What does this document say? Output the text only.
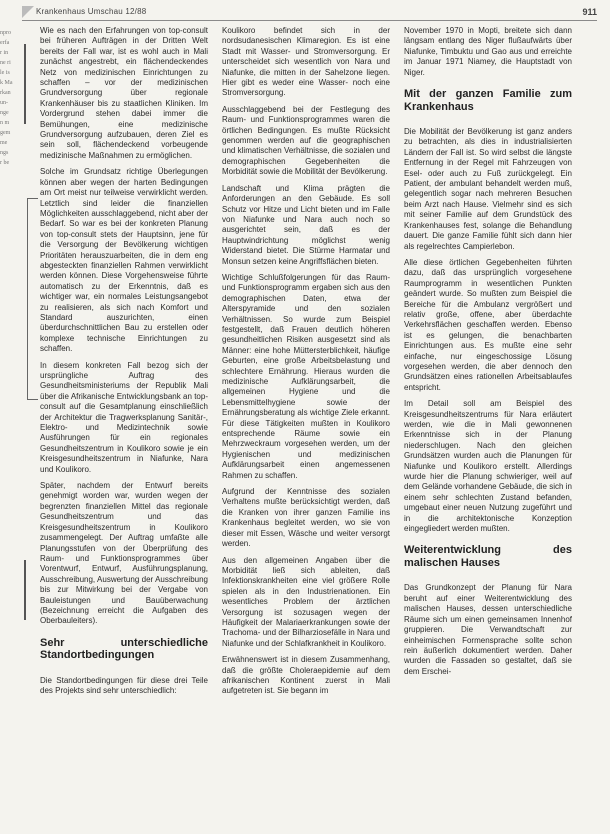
Krankenhaus Umschau 12/88	911
npro
erfa
r in
ne ri
le is
k Ma
rkan
un-
nge
n m
gem
me
ngs
r be

Wie es nach den Erfahrungen von top-consult bei früheren Aufträgen in der Dritten Welt bereits der Fall war, ist es wohl auch in Mali zunächst angestrebt, ein flächendeckendes Netz von medizinischen Einrichtungen zu schaffen – vor der medizinischen Grundversorgung über regionale Krankenhäuser bis zu staatlichen Kliniken. Im Vordergrund stehen dabei immer die Bemühungen, eine medizinische Grundversorgung aufzubauen, deren Ziel es sein soll, flächendeckend vorbeugende medizinische Maßnahmen zu ermöglichen.

Solche im Grundsatz richtige Überlegungen können aber wegen der harten Bedingungen am Ort meist nur teilweise verwirklicht werden. Letztlich sind leider die finanziellen Möglichkeiten ausschlaggebend, nicht aber der Bedarf. So war es bei der konkreten Planung von top-consult stets der Hauptsinn, jene für die Versorgung der Bevölkerung wichtigen Prioritäten herauszuarbeiten, die in dem eng abgesteckten finanziellen Rahmen verwirklicht werden können. Diese Vorgehensweise führte automatisch zu der Erkenntnis, daß es wichtiger war, ein normales Leistungsangebot zu realisieren, als sich nach Komfort und Standard auszurichten, einen überdurchschnittlichen Bau zu erstellen oder komplexe technische Einrichtungen zu schaffen.

In diesem konkreten Fall bezog sich der ursprüngliche Auftrag des Gesundheitsministeriums der Republik Mali über die Afrikanische Entwicklungsbank an top-consult auf die Gesamtplanung einschließlich der Architektur die Tragwerksplanung Sanitär-, Elektro- und Medizintechnik sowie Ausführungen für ein regionales Gesundheitszentrum in Koulikoro sowie je ein Kreisgesundheitszentrum in Niafunke, Nara und Koulikoro.

Später, nachdem der Entwurf bereits genehmigt worden war, wurden wegen der begrenzten finanziellen Mittel das regionale Gesundheitszentrum und das Kreisgesundheitszentrum in Koulikoro zusammengelegt. Der Auftrag umfaßte alle Planungsstufen von der Überprüfung des Raum- und Funktionsprogrammes über Vorentwurf, Entwurf, Ausführungsplanung, Ausschreibung, Auswertung der Ausschreibung bis zur Mitwirkung bei der Vergabe von Bauleistungen und Bauüberwachung (Bezeichnung erreicht die Aufgaben des Oberbauleiters).

Sehr unterschiedliche Standortbedingungen

Die Standortbedingungen für diese drei Teile des Projekts sind sehr unterschiedlich:

Koulikoro befindet sich in der nordsudanesischen Klimaregion. Es ist eine Stadt mit Wasser- und Stromversorgung. Er unterscheidet sich wesentlich von Nara und Niafunke, die mitten in der Sahelzone liegen. Hier gibt es weder eine Wasser- noch eine Stromversorgung.

Ausschlaggebend bei der Festlegung des Raum- und Funktionsprogrammes waren die örtlichen Bedingungen. Es mußte Rücksicht genommen werden auf die geographischen und klimatischen Verhältnisse, die sozialen und demographischen Gegebenheiten die Morbidität sowie die Mobilität der Bevölkerung.

Landschaft und Klima prägten die Anforderungen an den Gebäude. Es soll Schutz vor Hitze und Licht bieten und im Falle von Niafunke und Nara auch noch so ausgerichtet sein, daß es der Hauptwindrichtung möglichst wenig Widerstand bietet. Die Stürme Harmatar und Monsun setzen keine Angriffsflächen bieten.

Wichtige Schlußfolgerungen für das Raum- und Funktionsprogramm ergaben sich aus den demographischen Daten, etwa der Alterspyramide und den sozialen Verhältnissen. So wurde zum Beispiel festgestellt, daß Frauen deutlich höheren gesundheitlichen Risiken ausgesetzt sind als Männer: eine hohe Müttersterblichkeit, häufige Geburten, eine große Arbeitsbelastung und schlechtere Ernährung. Hieraus wurden die medizinische Aufklärungsarbeit, die allgemeinen Hygiene und die Lebensmittelhygiene sowie der Ernährungsberatung als wichtige Ziele erkannt. Für diese Tätigkeiten mußten in Koulikoro entsprechende Räume sowie ein Mehrzweckraum vorgesehen werden, um der Hygienischen und medizinischen Aufklärungsarbeit einen angemessenen Rahmen zu schaffen.

Aufgrund der Kenntnisse des sozialen Verhaltens mußte berücksichtigt werden, daß die Kranken von ihrer ganzen Familie ins Krankenhaus begleitet werden, wo sie von dieser mit Essen, Wäsche und weiter versorgt werden.

Aus den allgemeinen Angaben über die Morbidität ließ sich ableiten, daß Infektionskrankheiten eine viel größere Rolle spielen als in den Industrienationen. Ein wesentliches Problem der ärztlichen Versorgung ist sozusagen wegen der Häufigkeit der Malariaerkrankungen sowie der Trachoma- und der Bilharziosefälle in Nara und Niafunke und der Schlafkrankheit in Koulikoro.

Erwähnenswert ist in diesem Zusammenhang, daß die größte Choleraepidemie auf dem afrikanischen Kontinent zuerst in Mali aufgetreten ist. Sie begann im

November 1970 in Mopti, breitete sich dann längsam entlang des Niger flußaufwärts über Niafunke, Timbuktu und Gao aus und erreichte im Januar 1971 Niamey, die Hauptstadt von Niger.

Mit der ganzen Familie zum Krankenhaus

Die Mobilität der Bevölkerung ist ganz anders zu betrachten, als dies in industrialisierten Ländern der Fall ist. So wird selbst die längste Entfernung in der Regel mit Fahrzeugen von Esel- oder auch zu Fuß zurückgelegt. Ein Patient, der ambulant behandelt werden muß, gelegentlich sogar nach mehreren Besuchen beim Arzt nach Hause. Vielmehr sind es sich mit seiner Familie auf dem Grundstück des Krankenhauses fest, solange die Behandlung dauert. Die ganze Familie fühlt sich dann hier als regelrechtes Campierlebon.

Alle diese örtlichen Gegebenheiten führten dazu, daß das ursprünglich vorgesehene Raumprogramm in wesentlichen Punkten geändert wurde. So mußten zum Beispiel die Bereiche für die Ambulanz vergrößert und relativ große, offene, aber überdachte Verkehrsflächen geschaffen werden. Ebenso ist es gelungen, die benachbarten Einrichtungen aus. Es mußte eine sehr einfache, nur eingeschossige Lösung vorgesehen werden, die aber dennoch den Grundsätzen eines rationellen Arbeitsablaufes entspricht.

Im Detail soll am Beispiel des Kreisgesundheitszentrums für Nara erläutert werden, wie die in Mali gewonnenen Erkenntnisse sich in der Planung niederschlugen. Nach den gleichen Grundsätzen wurden auch die Planungen für Niafunke und Koulikoro erstellt. Allerdings wurde hier die Planung schwieriger, weil auf dem Gelände vorhandene Gebäude, die sich in einem sehr schlechten Zustand befanden, umgebaut einer neuen Nutzung zugeführt und in die architektonische Konzeption eingegliedert werden mußten.

Weiterentwicklung des malischen Hauses

Das Grundkonzept der Planung für Nara beruht auf einer Weiterentwicklung des malischen Hauses, dessen unterschiedliche Räume sich um einen gemeinsamen Innenhof gruppieren. Die Verwandtschaft zur einheimischen Formensprache sollte schon rein äußerlich dokumentiert werden. Daher wurden die Fassaden so gestaltet, daß sie dem Erschei-
